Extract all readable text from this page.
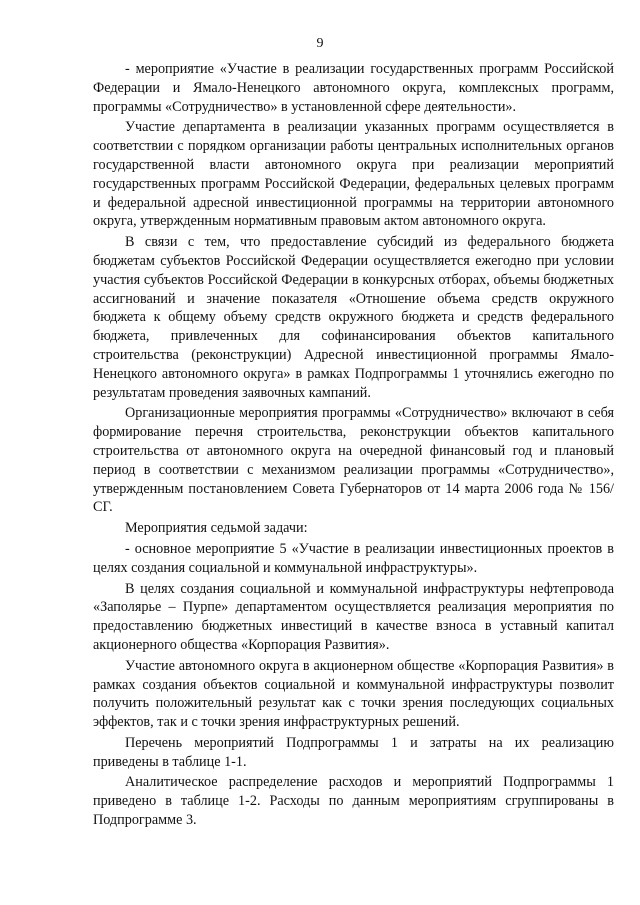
9

- мероприятие «Участие в реализации государственных программ Российской Федерации и Ямало-Ненецкого автономного округа, комплексных программ, программы «Сотрудничество» в установленной сфере деятельности».

Участие департамента в реализации указанных программ осуществляется в соответствии с порядком организации работы центральных исполнительных органов государственной власти автономного округа при реализации мероприятий государственных программ Российской Федерации, федеральных целевых программ и федеральной адресной инвестиционной программы на территории автономного округа, утвержденным нормативным правовым актом автономного округа.

В связи с тем, что предоставление субсидий из федерального бюджета бюджетам субъектов Российской Федерации осуществляется ежегодно при условии участия субъектов Российской Федерации в конкурсных отборах, объемы бюджетных ассигнований и значение показателя «Отношение объема средств окружного бюджета к общему объему средств окружного бюджета и средств федерального бюджета, привлеченных для софинансирования объектов капитального строительства (реконструкции) Адресной инвестиционной программы Ямало-Ненецкого автономного округа» в рамках Подпрограммы 1 уточнялись ежегодно по результатам проведения заявочных кампаний.

Организационные мероприятия программы «Сотрудничество» включают в себя формирование перечня строительства, реконструкции объектов капитального строительства от автономного округа на очередной финансовый год и плановый период в соответствии с механизмом реализации программы «Сотрудничество», утвержденным постановлением Совета Губернаторов от 14 марта 2006 года № 156/СГ.

Мероприятия седьмой задачи:

- основное мероприятие 5 «Участие в реализации инвестиционных проектов в целях создания социальной и коммунальной инфраструктуры».

В целях создания социальной и коммунальной инфраструктуры нефтепровода «Заполярье – Пурпе» департаментом осуществляется реализация мероприятия по предоставлению бюджетных инвестиций в качестве взноса в уставный капитал акционерного общества «Корпорация Развития».

Участие автономного округа в акционерном обществе «Корпорация Развития» в рамках создания объектов социальной и коммунальной инфраструктуры позволит получить положительный результат как с точки зрения последующих социальных эффектов, так и с точки зрения инфраструктурных решений.

Перечень мероприятий Подпрограммы 1 и затраты на их реализацию приведены в таблице 1-1.

Аналитическое распределение расходов и мероприятий Подпрограммы 1 приведено в таблице 1-2. Расходы по данным мероприятиям сгруппированы в Подпрограмме 3.
